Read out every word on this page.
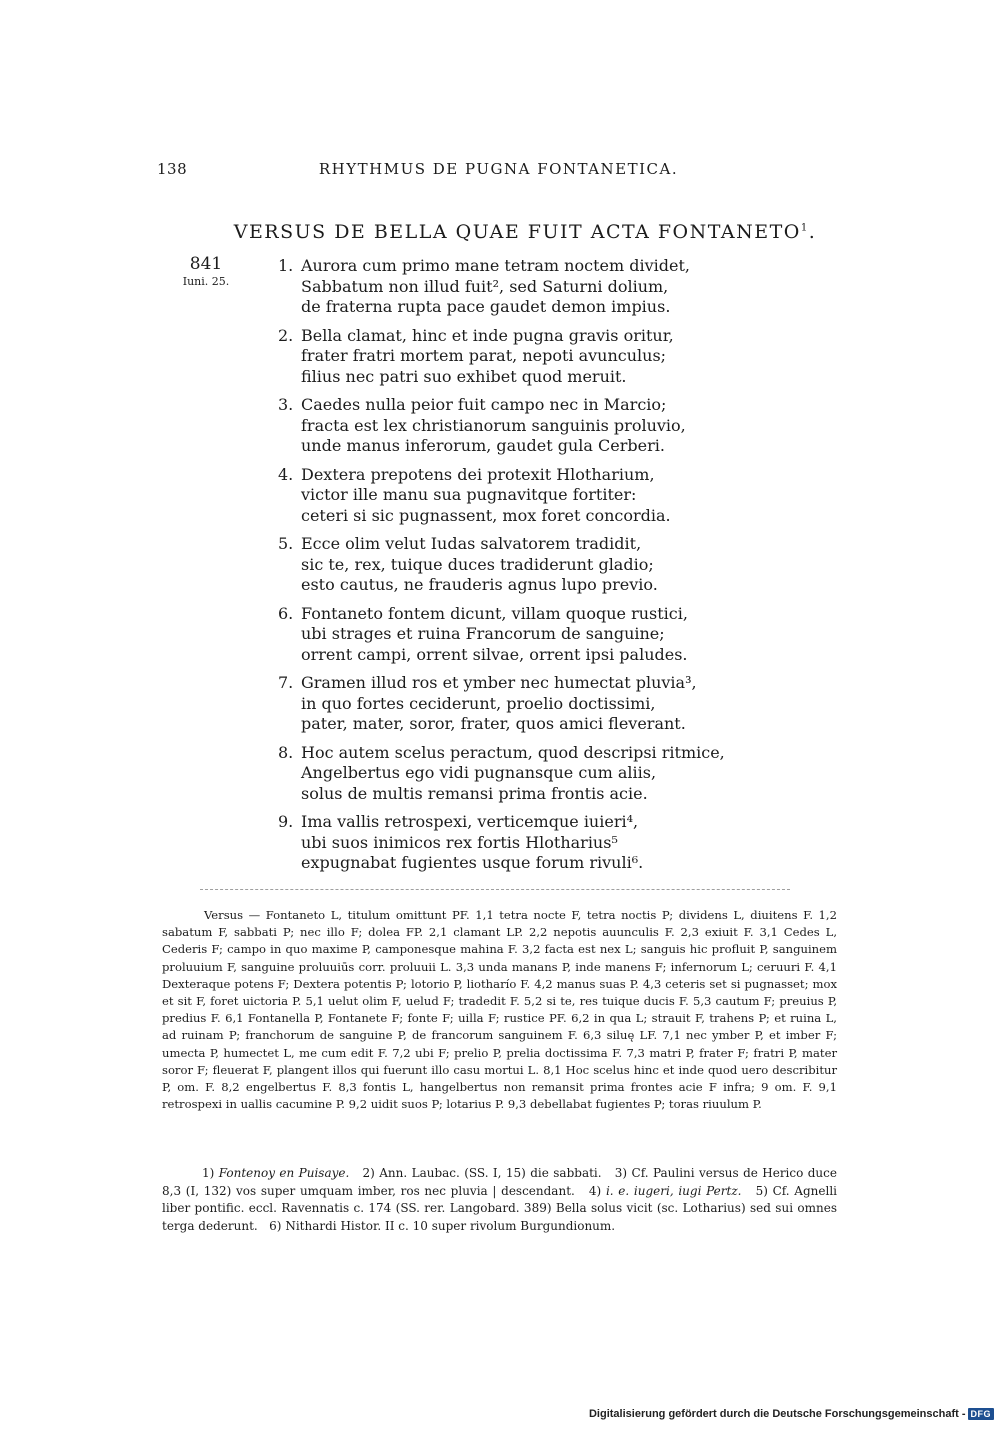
138	RHYTHMUS DE PUGNA FONTANETICA.
VERSUS DE BELLA QUAE FUIT ACTA FONTANETO$^1$.
841
Iuni. 25.
1. Aurora cum primo mane tetram noctem dividet,
Sabbatum non illud fuit², sed Saturni dolium,
de fraterna rupta pace gaudet demon impius.
2. Bella clamat, hinc et inde pugna gravis oritur,
frater fratri mortem parat, nepoti avunculus;
filius nec patri suo exhibet quod meruit.
3. Caedes nulla peior fuit campo nec in Marcio;
fracta est lex christianorum sanguinis proluvio,
unde manus inferorum, gaudet gula Cerberi.
4. Dextera prepotens dei protexit Hlotharium,
victor ille manu sua pugnavitque fortiter:
ceteri si sic pugnassent, mox foret concordia.
5. Ecce olim velut Iudas salvatorem tradidit,
sic te, rex, tuique duces tradiderunt gladio;
esto cautus, ne frauderis agnus lupo previo.
6. Fontaneto fontem dicunt, villam quoque rustici,
ubi strages et ruina Francorum de sanguine;
orrent campi, orrent silvae, orrent ipsi paludes.
7. Gramen illud ros et ymber nec humectat pluvia³,
in quo fortes ceciderunt, proelio doctissimi,
pater, mater, soror, frater, quos amici fleverant.
8. Hoc autem scelus peractum, quod descripsi ritmice,
Angelbertus ego vidi pugnansque cum aliis,
solus de multis remansi prima frontis acie.
9. Ima vallis retrospexi, verticemque iuieri⁴,
ubi suos inimicos rex fortis Hlotharius⁵
expugnabat fugientes usque forum rivuli⁶.

Versus — Fontaneto L, titulum omittunt PF. 1,1 tetra nocte F, tetra noctis P; dividens L, diuitens F. 1,2 sabatum F, sabbati P; nec illo F; dolea FP. 2,1 clamant LP. 2,2 nepotis auunculis F. 2,3 exiuit F. 3,1 Cedes L, Cederis F; campo in quo maxime P, camponesque mahina F. 3,2 facta est nex L; sanguis hic profluit P, sanguinem proluuium F, sanguine proluuiūs corr. proluuii L. 3,3 unda manans P, inde manens F; infernorum L; ceruuri F. 4,1 Dexteraque potens F; Dextera potentis P; lotorio P, liotharío F. 4,2 manus suas P. 4,3 ceteris set si pugnasset; mox et sit F, foret uictoria P. 5,1 uelut olim F, uelud F; tradedit F. 5,2 si te, res tuique ducis F. 5,3 cautum F; preuius P, predius F. 6,1 Fontanella P, Fontanete F; fonte F; uilla F; rustice PF. 6,2 in qua L; strauit F, trahens P; et ruina L, ad ruinam P; franchorum de sanguine P, de francorum sanguinem F. 6,3 siluę LF. 7,1 nec ymber P, et imber F; umecta P, humectet L, me cum edit F. 7,2 ubi F; prelio P, prelia doctissima F. 7,3 matri P, frater F; fratri P, mater soror F; fleuerat F, plangent illos qui fuerunt illo casu mortui L. 8,1 Hoc scelus hinc et inde quod uero describitur P, om. F. 8,2 engelbertus F. 8,3 fontis L, hangelbertus non remansit prima frontes acie F infra; 9 om. F. 9,1 retrospexi in uallis cacumine P. 9,2 uidit suos P; lotarius P. 9,3 debellabat fugientes P; toras riuulum P.

1) Fontenoy en Puisaye. 2) Ann. Laubac. (SS. I, 15) die sabbati. 3) Cf. Paulini versus de Herico duce 8,3 (I, 132) vos super umquam imber, ros nec pluvia | descendant. 4) i. e. iugeri, iugi Pertz. 5) Cf. Agnelli liber pontific. eccl. Ravennatis c. 174 (SS. rer. Langobard. 389) Bella solus vicit (sc. Lotharius) sed sui omnes terga dederunt. 6) Nithardi Histor. II c. 10 super rivolum Burgundionum.

Digitalisierung gefördert durch die Deutsche Forschungsgemeinschaft - DFG
